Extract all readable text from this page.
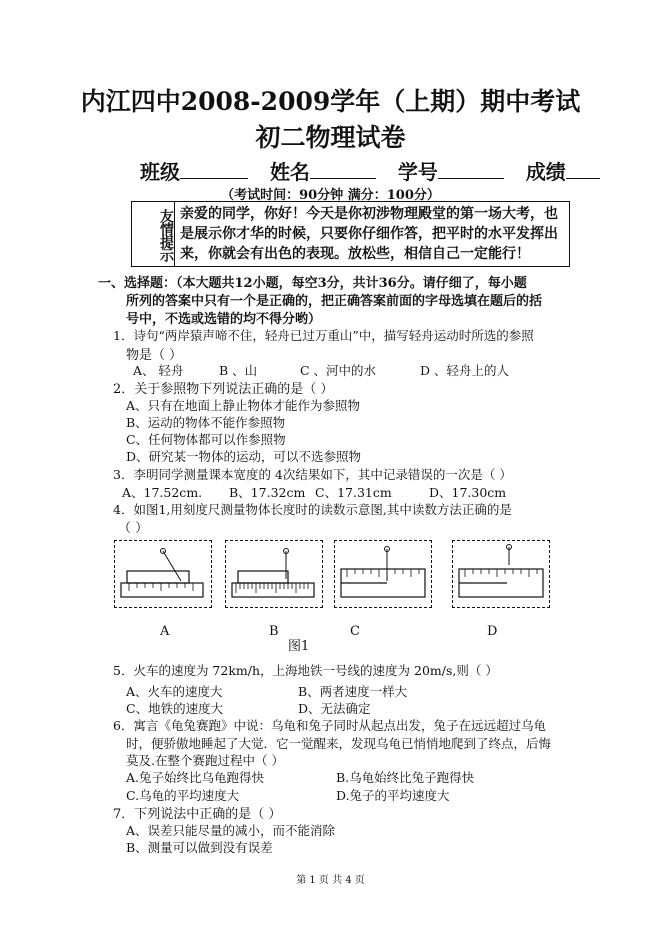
内江四中2008-2009学年（上期）期中考试
初二物理试卷
班级	姓名	学号	成绩
（考试时间：90分钟 满分：100分）
友情提示 亲爱的同学，你好！今天是你初涉物理殿堂的第一场大考，也是展示你才华的时候，只要你仔细作答，把平时的水平发挥出来，你就会有出色的表现。放松些，相信自己一定能行！
一、选择题：（本大题共12小题，每空3分，共计36分。请仔细了，每小题
所列的答案中只有一个是正确的，把正确答案前面的字母选填在题后的括
号中，不选或选错的均不得分哟）
1．诗句“两岸猿声啼不住，轻舟已过万重山”中，描写轻舟运动时所选的参照
物是（ ）
A、 轻舟	B 、山	C 、河中的水	D 、轻舟上的人
2．关于参照物下列说法正确的是（ ）
A、只有在地面上静止物体才能作为参照物
B、运动的物体不能作参照物
C、任何物体都可以作参照物
D、研究某一物体的运动，可以不选参照物
3．李明同学测量课本宽度的 4次结果如下，其中记录错误的一次是（ ）
A、17.52cm. B、17.32cm C、17.31cm	D、17.30cm
4．如图1,用刻度尺测量物体长度时的读数示意图,其中读数方法正确的是
（ ）
A	B	C	D
图1
5．火车的速度为 72km/h，上海地铁一号线的速度为 20m/s,则（ ）
A、火车的速度大	B、两者速度一样大
C、地铁的速度大	D、无法确定
6．寓言《龟兔赛跑》中说：乌龟和兔子同时从起点出发，兔子在远远超过乌龟
时，便骄傲地睡起了大觉．它一觉醒来，发现乌龟已悄悄地爬到了终点，后悔
莫及.在整个赛跑过程中（ ）
A.兔子始终比乌龟跑得快	B.乌龟始终比兔子跑得快
C.乌龟的平均速度大	D.兔子的平均速度大
7．下列说法中正确的是（ ）
A、误差只能尽量的减小，而不能消除
B、测量可以做到没有误差
第 1 页 共 4 页
